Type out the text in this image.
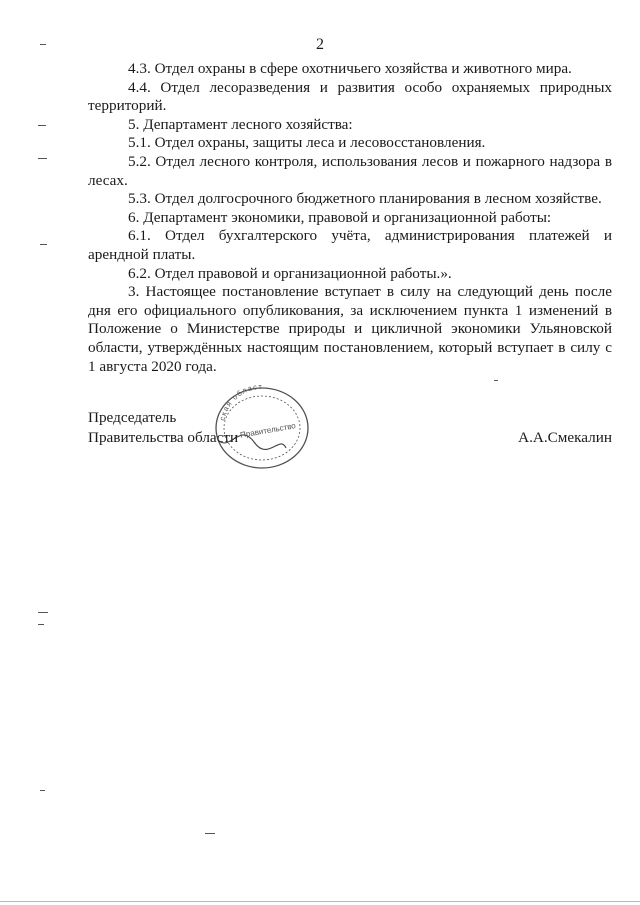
2

4.3. Отдел охраны в сфере охотничьего хозяйства и животного мира.

4.4. Отдел лесоразведения и развития особо охраняемых природных территорий.

5. Департамент лесного хозяйства:

5.1. Отдел охраны, защиты леса и лесовосстановления.

5.2. Отдел лесного контроля, использования лесов и пожарного надзора в лесах.

5.3. Отдел долгосрочного бюджетного планирования в лесном хозяйстве.

6. Департамент экономики, правовой и организационной работы:

6.1. Отдел бухгалтерского учёта, администрирования платежей и арендной платы.

6.2. Отдел правовой и организационной работы.».

3. Настоящее постановление вступает в силу на следующий день после дня его официального опубликования, за исключением пункта 1 изменений в Положение о Министерстве природы и цикличной экономики Ульяновской области, утверждённых настоящим постановлением, который вступает в силу с 1 августа 2020 года.

Председатель
Правительства области	А.А.Смекалин
ская област
Правительство
